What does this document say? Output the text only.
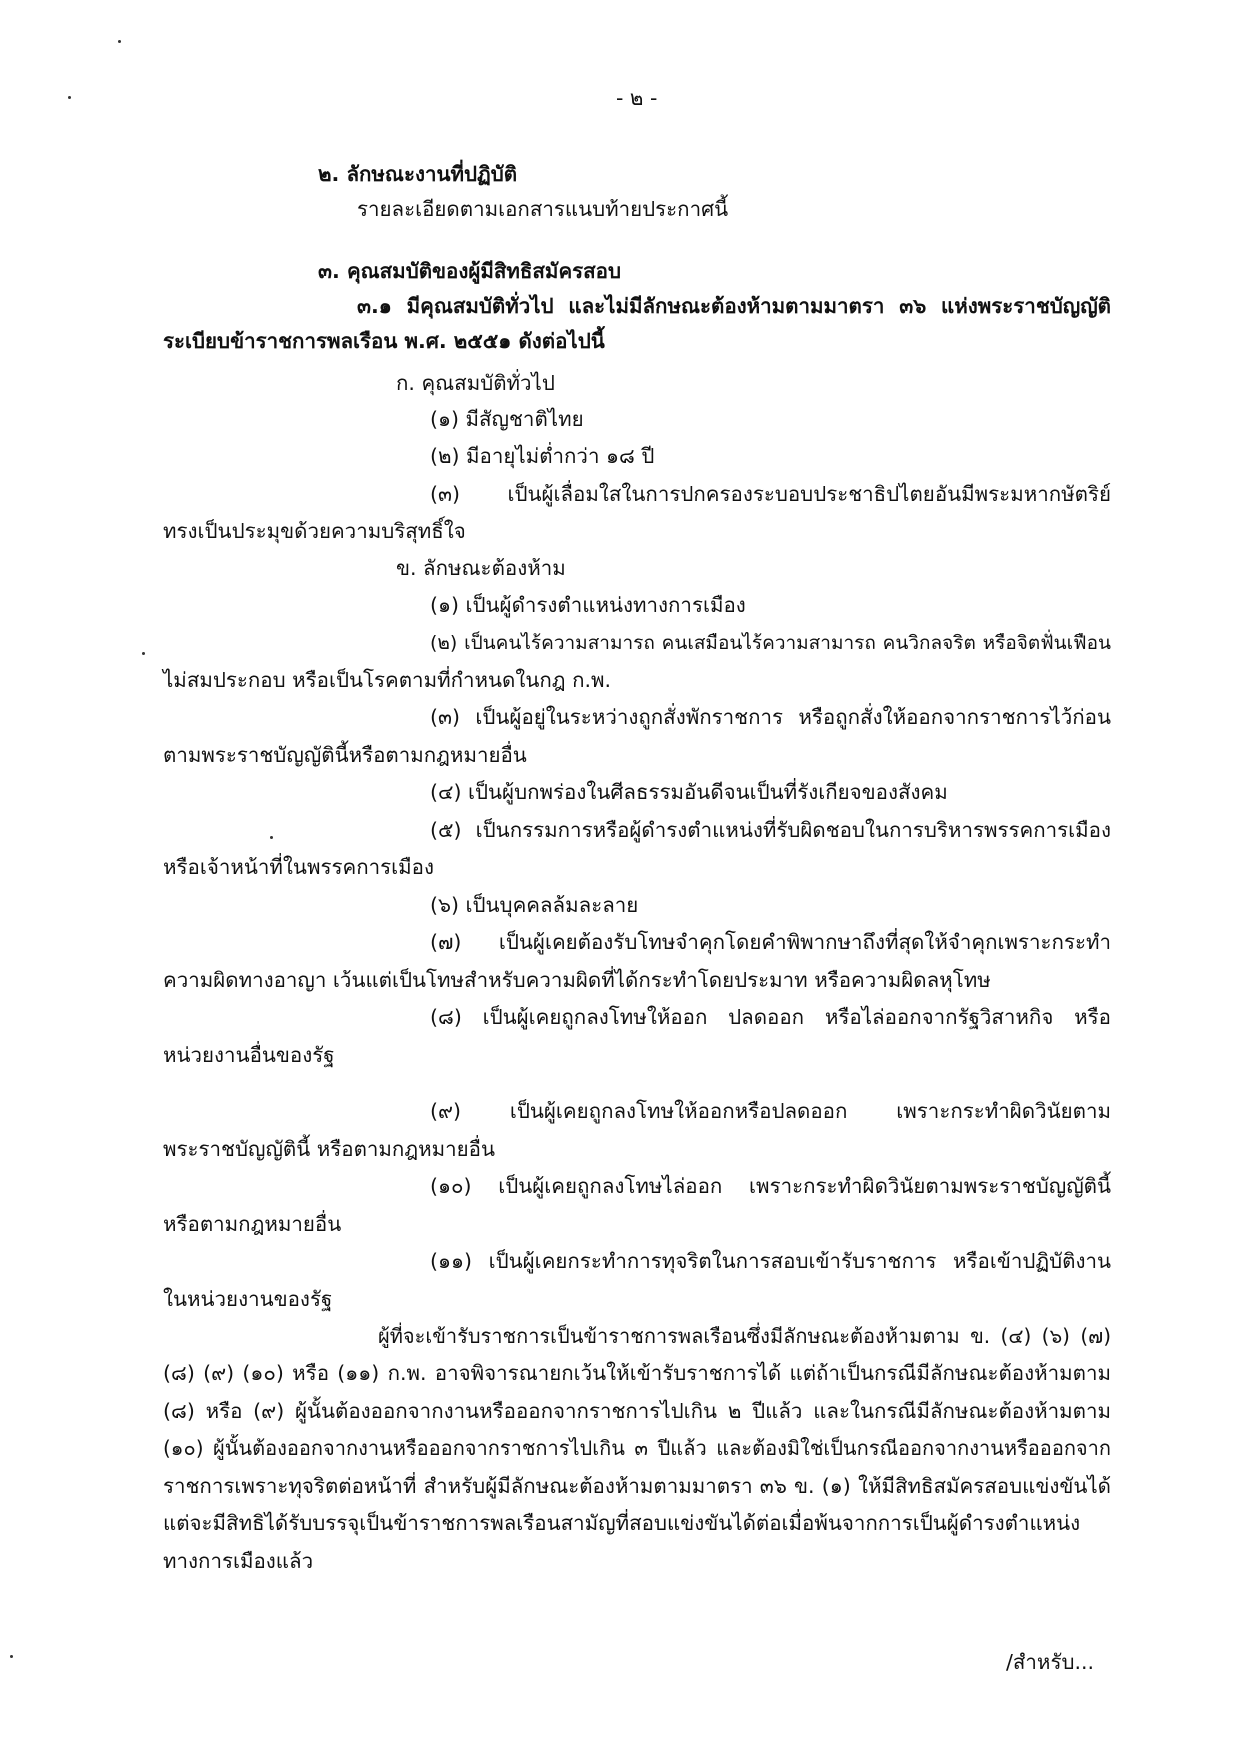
- ๒ -
๒. ลักษณะงานที่ปฏิบัติ
รายละเอียดตามเอกสารแนบท้ายประกาศนี้
๓. คุณสมบัติของผู้มีสิทธิสมัครสอบ
๓.๑ มีคุณสมบัติทั่วไป และไม่มีลักษณะต้องห้ามตามมาตรา ๓๖ แห่งพระราชบัญญัติ
ระเบียบข้าราชการพลเรือน พ.ศ. ๒๕๕๑ ดังต่อไปนี้
ก. คุณสมบัติทั่วไป
(๑) มีสัญชาติไทย
(๒) มีอายุไม่ต่ำกว่า ๑๘ ปี
(๓) เป็นผู้เลื่อมใสในการปกครองระบอบประชาธิปไตยอันมีพระมหากษัตริย์
ทรงเป็นประมุขด้วยความบริสุทธิ์ใจ
ข. ลักษณะต้องห้าม
(๑) เป็นผู้ดำรงตำแหน่งทางการเมือง
(๒) เป็นคนไร้ความสามารถ คนเสมือนไร้ความสามารถ คนวิกลจริต หรือจิตฟั่นเฟือน
ไม่สมประกอบ หรือเป็นโรคตามที่กำหนดในกฎ ก.พ.
(๓) เป็นผู้อยู่ในระหว่างถูกสั่งพักราชการ หรือถูกสั่งให้ออกจากราชการไว้ก่อน
ตามพระราชบัญญัตินี้หรือตามกฎหมายอื่น
(๔) เป็นผู้บกพร่องในศีลธรรมอันดีจนเป็นที่รังเกียจของสังคม
(๕) เป็นกรรมการหรือผู้ดำรงตำแหน่งที่รับผิดชอบในการบริหารพรรคการเมือง
หรือเจ้าหน้าที่ในพรรคการเมือง
(๖) เป็นบุคคลล้มละลาย
(๗) เป็นผู้เคยต้องรับโทษจำคุกโดยคำพิพากษาถึงที่สุดให้จำคุกเพราะกระทำ
ความผิดทางอาญา เว้นแต่เป็นโทษสำหรับความผิดที่ได้กระทำโดยประมาท หรือความผิดลหุโทษ
(๘) เป็นผู้เคยถูกลงโทษให้ออก ปลดออก หรือไล่ออกจากรัฐวิสาหกิจ หรือ
หน่วยงานอื่นของรัฐ
(๙) เป็นผู้เคยถูกลงโทษให้ออกหรือปลดออก เพราะกระทำผิดวินัยตาม
พระราชบัญญัตินี้ หรือตามกฎหมายอื่น
(๑๐) เป็นผู้เคยถูกลงโทษไล่ออก เพราะกระทำผิดวินัยตามพระราชบัญญัตินี้
หรือตามกฎหมายอื่น
(๑๑) เป็นผู้เคยกระทำการทุจริตในการสอบเข้ารับราชการ หรือเข้าปฏิบัติงาน
ในหน่วยงานของรัฐ
ผู้ที่จะเข้ารับราชการเป็นข้าราชการพลเรือนซึ่งมีลักษณะต้องห้ามตาม ข. (๔) (๖) (๗)
(๘) (๙) (๑๐) หรือ (๑๑) ก.พ. อาจพิจารณายกเว้นให้เข้ารับราชการได้ แต่ถ้าเป็นกรณีมีลักษณะต้องห้ามตาม
(๘) หรือ (๙) ผู้นั้นต้องออกจากงานหรือออกจากราชการไปเกิน ๒ ปีแล้ว และในกรณีมีลักษณะต้องห้ามตาม
(๑๐) ผู้นั้นต้องออกจากงานหรือออกจากราชการไปเกิน ๓ ปีแล้ว และต้องมิใช่เป็นกรณีออกจากงานหรือออกจาก
ราชการเพราะทุจริตต่อหน้าที่ สำหรับผู้มีลักษณะต้องห้ามตามมาตรา ๓๖ ข. (๑) ให้มีสิทธิสมัครสอบแข่งขันได้
แต่จะมีสิทธิได้รับบรรจุเป็นข้าราชการพลเรือนสามัญที่สอบแข่งขันได้ต่อเมื่อพ้นจากการเป็นผู้ดำรงตำแหน่ง
ทางการเมืองแล้ว
/สำหรับ...
